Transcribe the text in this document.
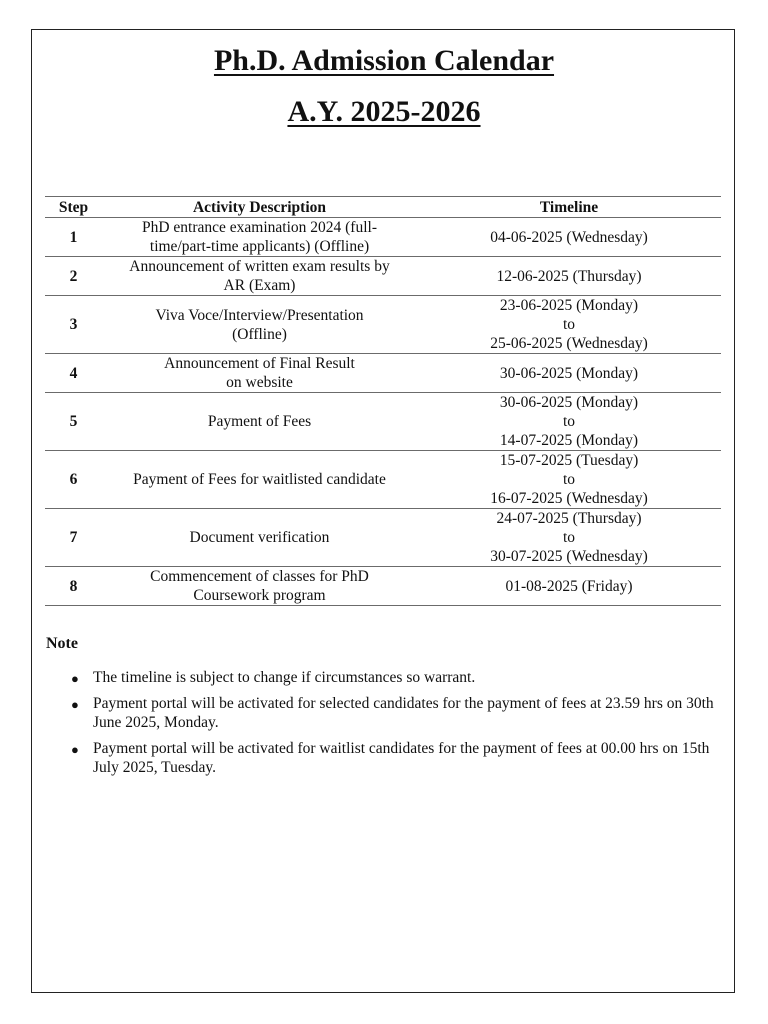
Ph.D. Admission Calendar
A.Y. 2025-2026
Step	Activity Description	Timeline
1	PhD entrance examination 2024 (full-
time/part-time applicants) (Offline)	04-06-2025 (Wednesday)

2	Announcement of written exam results by
AR (Exam)	12-06-2025 (Thursday)

3	Viva Voce/Interview/Presentation
(Offline)	23-06-2025 (Monday)
to
25-06-2025 (Wednesday)

4	Announcement of Final Result
on website	30-06-2025 (Monday)

5	Payment of Fees	30-06-2025 (Monday)
to
14-07-2025 (Monday)

6	Payment of Fees for waitlisted candidate	15-07-2025 (Tuesday)
to
16-07-2025 (Wednesday)

7	Document verification	24-07-2025 (Thursday)
to
30-07-2025 (Wednesday)

8	Commencement of classes for PhD
Coursework program	01-08-2025 (Friday)
Note
● The timeline is subject to change if circumstances so warrant.
● Payment portal will be activated for selected candidates for the payment of fees at 23.59 hrs on 30th June 2025, Monday.
● Payment portal will be activated for waitlist candidates for the payment of fees at 00.00 hrs on 15th July 2025, Tuesday.
